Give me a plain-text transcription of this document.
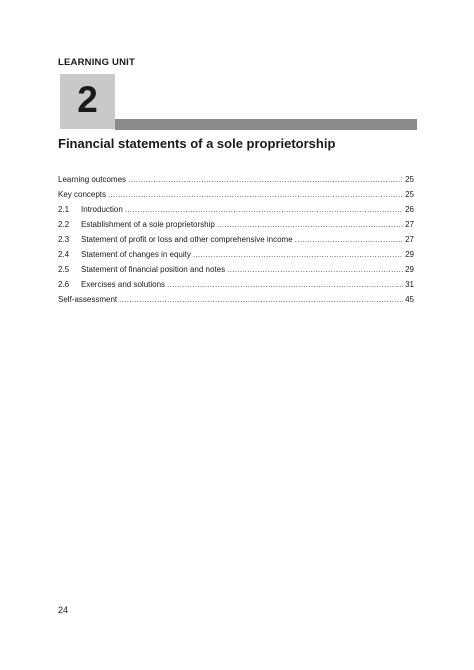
LEARNING UNIT
2
Financial statements of a sole proprietorship
Learning outcomes .....	25
Key concepts .....	25
2.1	Introduction .....	26
2.2	Establishment of a sole proprietorship .....	27
2.3	Statement of profit or loss and other comprehensive income .....	27
2.4	Statement of changes in equity .....	29
2.5	Statement of financial position and notes .....	29
2.6	Exercises and solutions .....	31
Self-assessment .....	45
24
